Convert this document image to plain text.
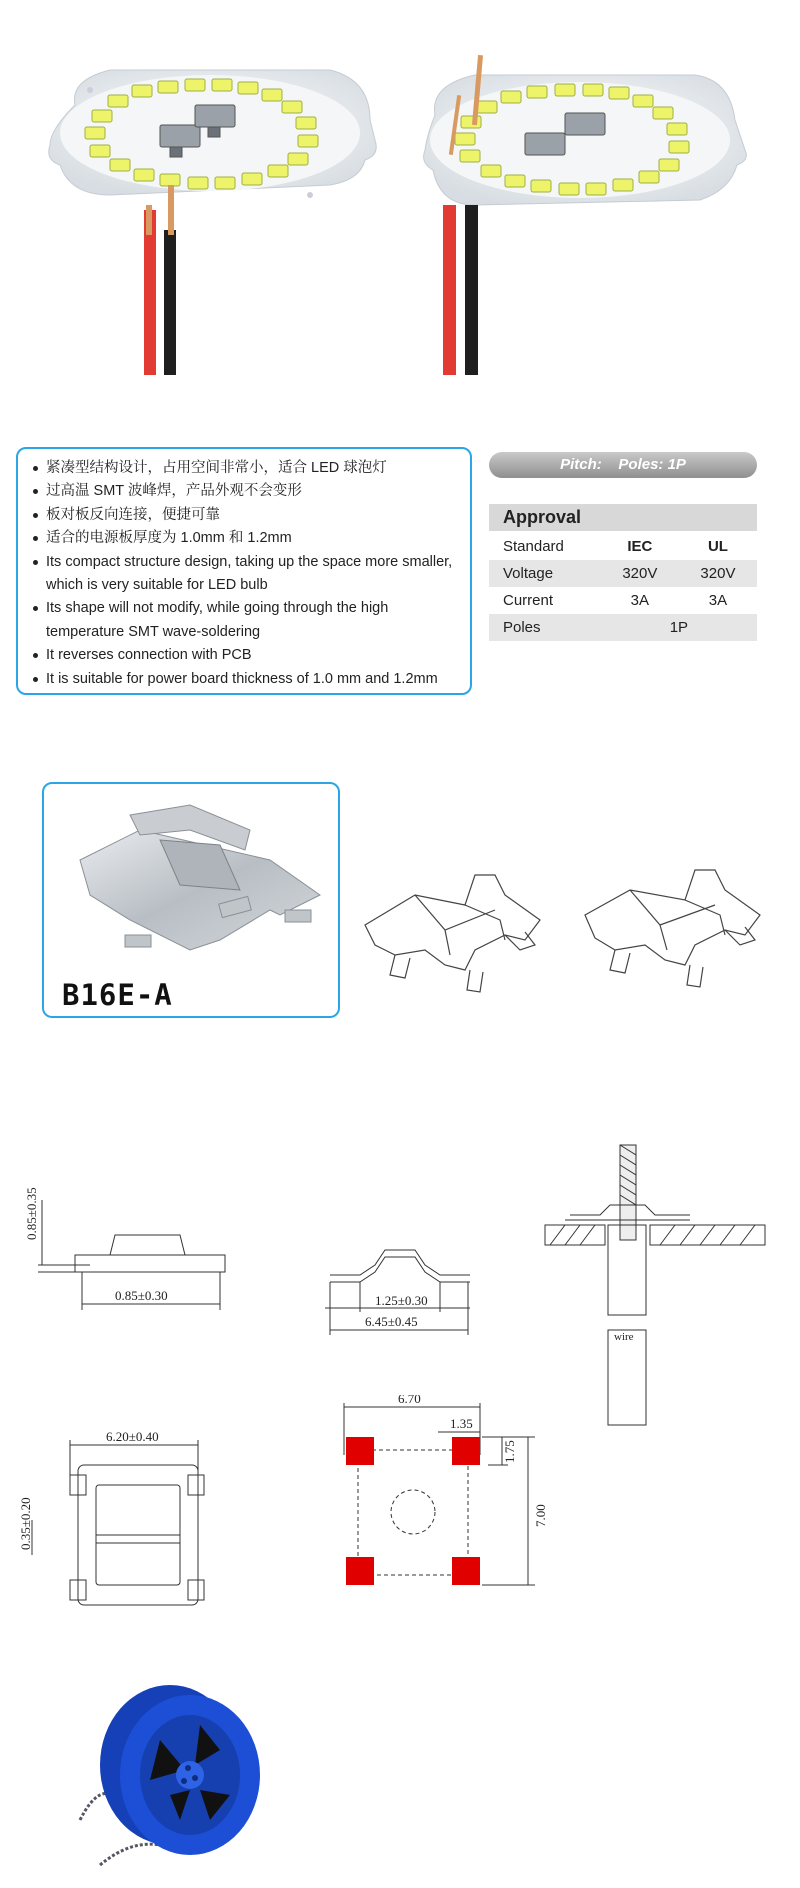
紧凑型结构设计，占用空间非常小，适合 LED 球泡灯
过高温 SMT 波峰焊，产品外观不会变形
板对板反向连接，便捷可靠
适合的电源板厚度为 1.0mm 和 1.2mm
Its compact structure design, taking up the space more smaller, which is very suitable for LED bulb
Its shape will not modify, while going through the high temperature SMT wave-soldering
It reverses connection with PCB
It is suitable for power board thickness of 1.0 mm and 1.2mm
Pitch: Poles: 1P
Approval		

Standard	IEC	UL
Voltage	320V	320V
Current	3A	3A
Poles	1P	
B16E-A
0.85±0.35
0.85±0.30	1.25±0.30
6.45±0.45
wire
6.20±0.40
0.35±0.20
6.70
1.35
1.75
7.00
